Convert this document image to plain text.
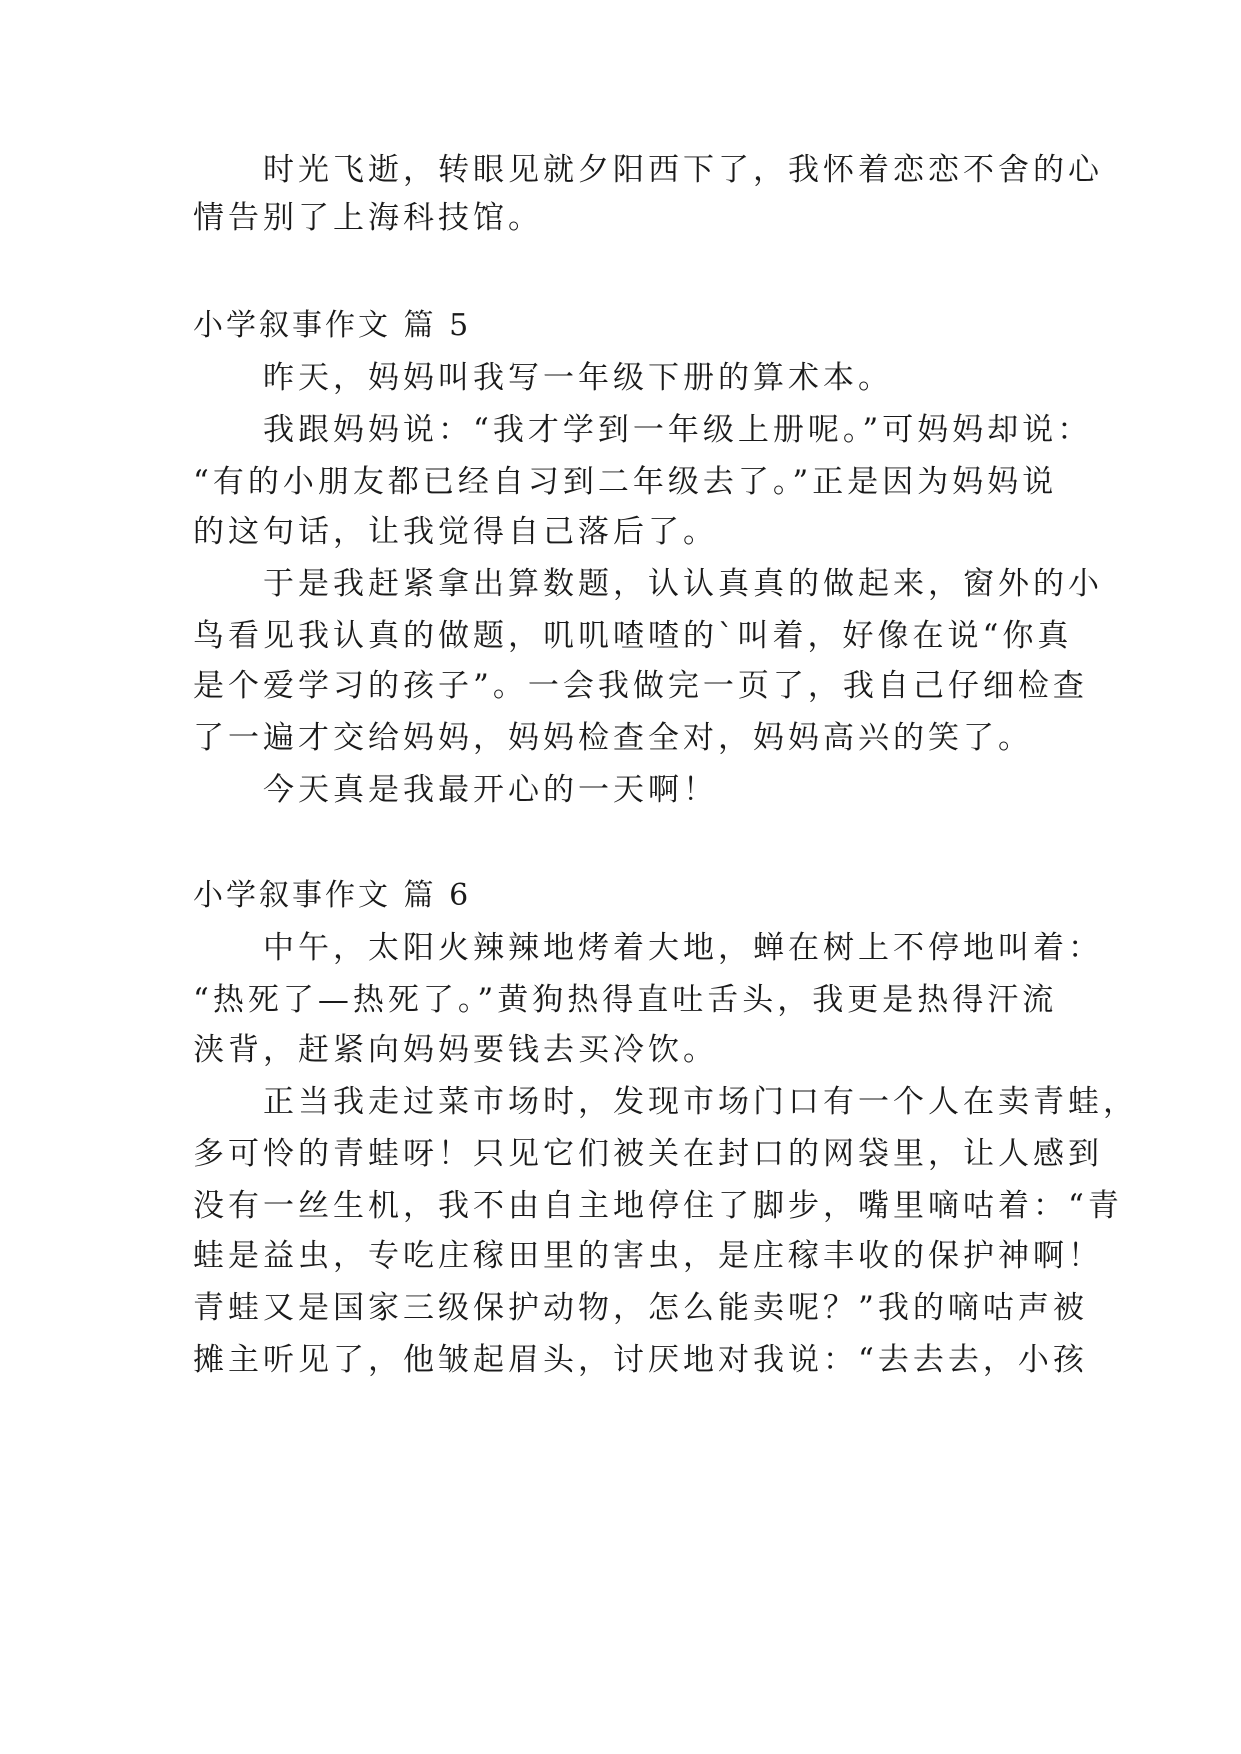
　　时光飞逝，转眼见就夕阳西下了，我怀着恋恋不舍的心

情告别了上海科技馆。

小学叙事作文 篇 5

　　昨天，妈妈叫我写一年级下册的算术本。

　　我跟妈妈说：“我才学到一年级上册呢。”可妈妈却说：

“有的小朋友都已经自习到二年级去了。”正是因为妈妈说

的这句话，让我觉得自己落后了。

　　于是我赶紧拿出算数题，认认真真的做起来，窗外的小

鸟看见我认真的做题，叽叽喳喳的`叫着，好像在说“你真

是个爱学习的孩子”。一会我做完一页了，我自己仔细检查

了一遍才交给妈妈，妈妈检查全对，妈妈高兴的笑了。

　　今天真是我最开心的一天啊！

小学叙事作文 篇 6

　　中午，太阳火辣辣地烤着大地，蝉在树上不停地叫着：

“热死了—热死了。”黄狗热得直吐舌头，我更是热得汗流

浃背，赶紧向妈妈要钱去买冷饮。

　　正当我走过菜市场时，发现市场门口有一个人在卖青蛙，

多可怜的青蛙呀！只见它们被关在封口的网袋里，让人感到

没有一丝生机，我不由自主地停住了脚步，嘴里嘀咕着：“青

蛙是益虫，专吃庄稼田里的害虫，是庄稼丰收的保护神啊！

青蛙又是国家三级保护动物，怎么能卖呢？”我的嘀咕声被

摊主听见了，他皱起眉头，讨厌地对我说：“去去去，小孩
